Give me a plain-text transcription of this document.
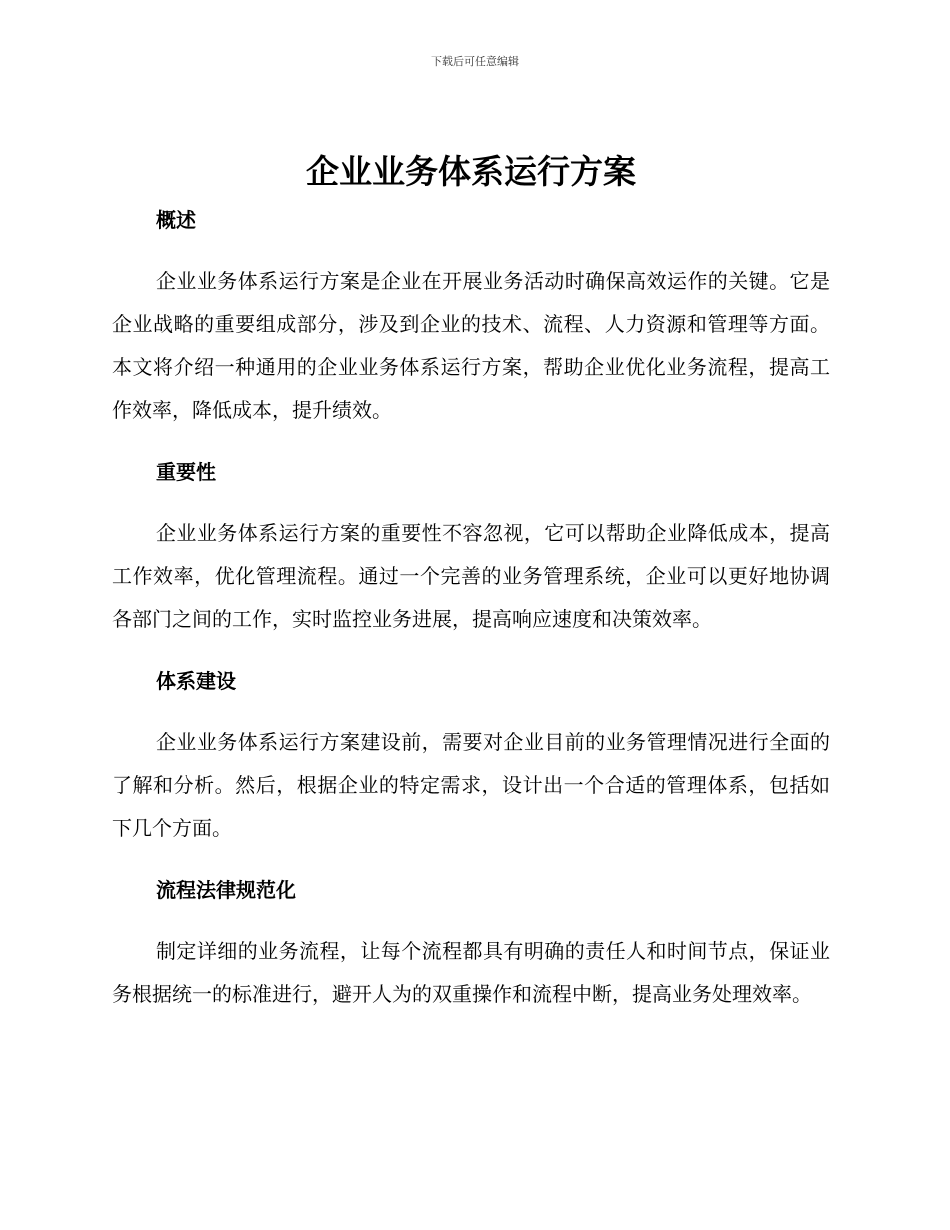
下载后可任意编辑
企业业务体系运行方案
概述

企业业务体系运行方案是企业在开展业务活动时确保高效运作的关键。它是企业战略的重要组成部分，涉及到企业的技术、流程、人力资源和管理等方面。本文将介绍一种通用的企业业务体系运行方案，帮助企业优化业务流程，提高工作效率，降低成本，提升绩效。

重要性

企业业务体系运行方案的重要性不容忽视，它可以帮助企业降低成本，提高工作效率，优化管理流程。通过一个完善的业务管理系统，企业可以更好地协调各部门之间的工作，实时监控业务进展，提高响应速度和决策效率。

体系建设

企业业务体系运行方案建设前，需要对企业目前的业务管理情况进行全面的了解和分析。然后，根据企业的特定需求，设计出一个合适的管理体系，包括如下几个方面。

流程法律规范化

制定详细的业务流程，让每个流程都具有明确的责任人和时间节点，保证业务根据统一的标准进行，避开人为的双重操作和流程中断，提高业务处理效率。
